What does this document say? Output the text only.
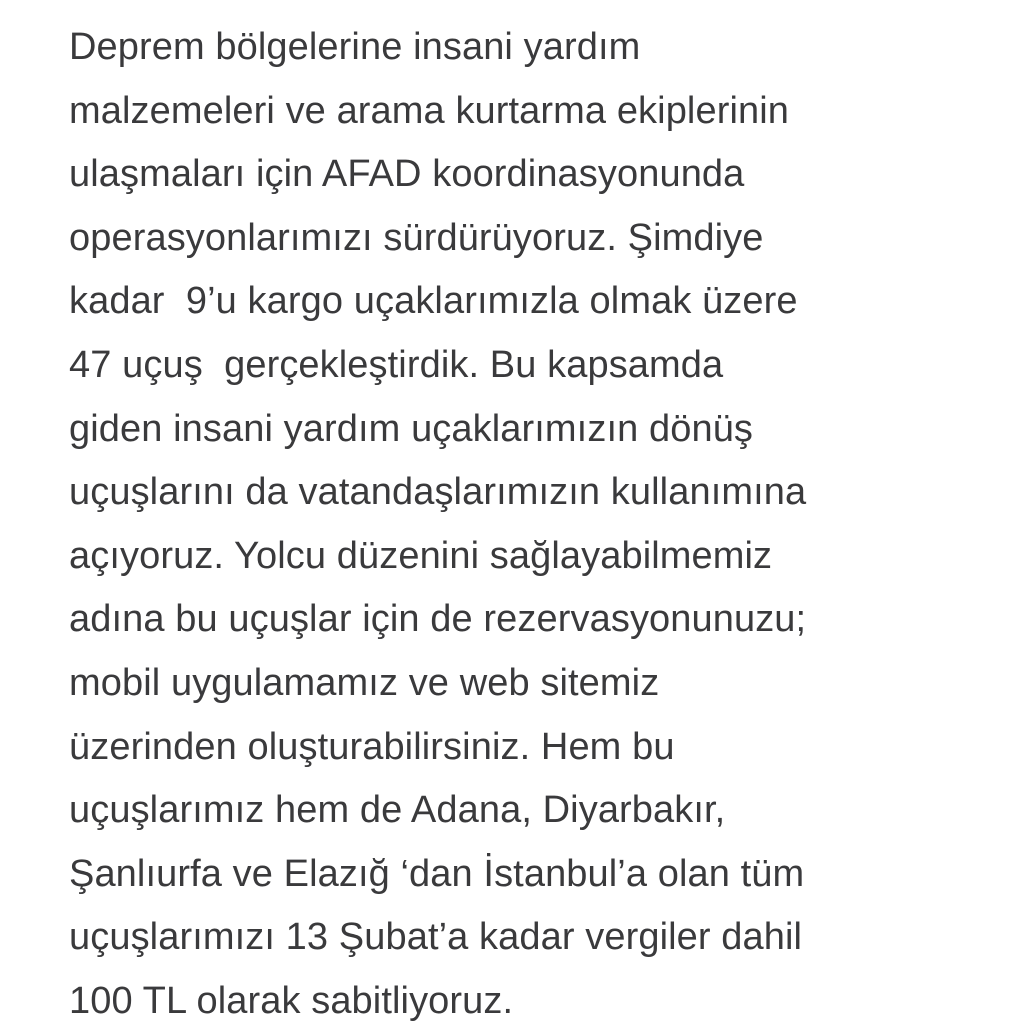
Deprem bölgelerine insani yardım
malzemeleri ve arama kurtarma ekiplerinin
ulaşmaları için AFAD koordinasyonunda
operasyonlarımızı sürdürüyoruz. Şimdiye
kadar  9’u kargo uçaklarımızla olmak üzere
47 uçuş  gerçekleştirdik. Bu kapsamda
giden insani yardım uçaklarımızın dönüş
uçuşlarını da vatandaşlarımızın kullanımına
açıyoruz. Yolcu düzenini sağlayabilmemiz
adına bu uçuşlar için de rezervasyonunuzu;
mobil uygulamamız ve web sitemiz
üzerinden oluşturabilirsiniz. Hem bu
uçuşlarımız hem de Adana, Diyarbakır,
Şanlıurfa ve Elazığ ‘dan İstanbul’a olan tüm
uçuşlarımızı 13 Şubat’a kadar vergiler dahil
100 TL olarak sabitliyoruz.
